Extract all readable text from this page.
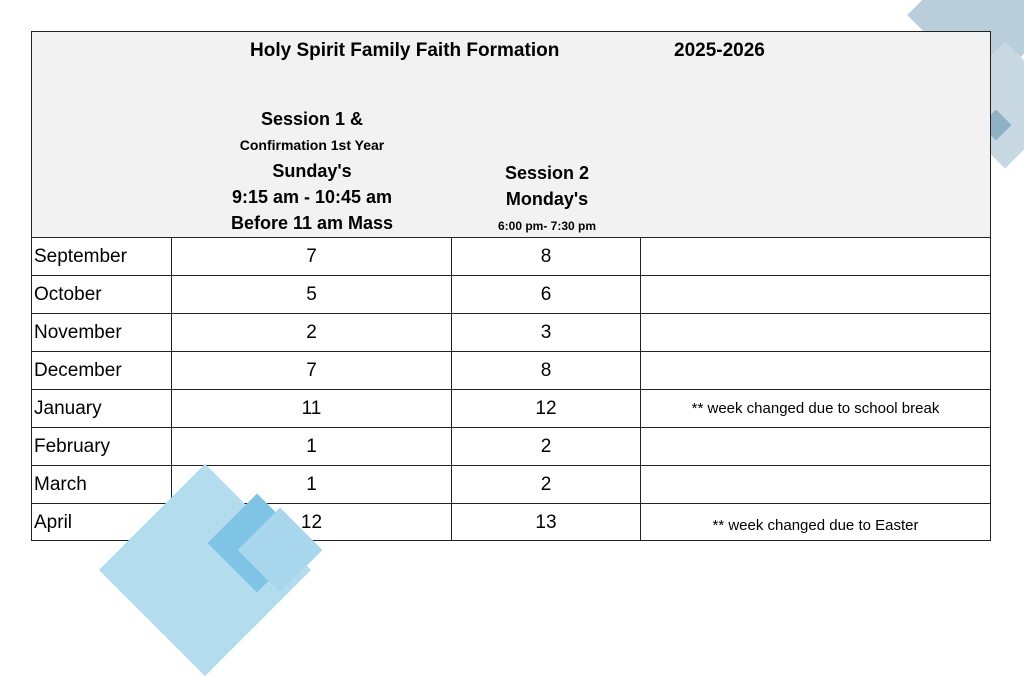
Holy Spirit Family Faith Formation	2025-2026
Session 1 &
Confirmation 1st Year
Sunday's
9:15 am - 10:45 am
Before 11 am Mass
Session 2
Monday's
6:00 pm- 7:30 pm
September	7	8
October	5	6
November	2	3
December	7	8
January	11	12	** week changed due to school break
February	1	2
March	1	2
April	12	13	** week changed due to Easter
